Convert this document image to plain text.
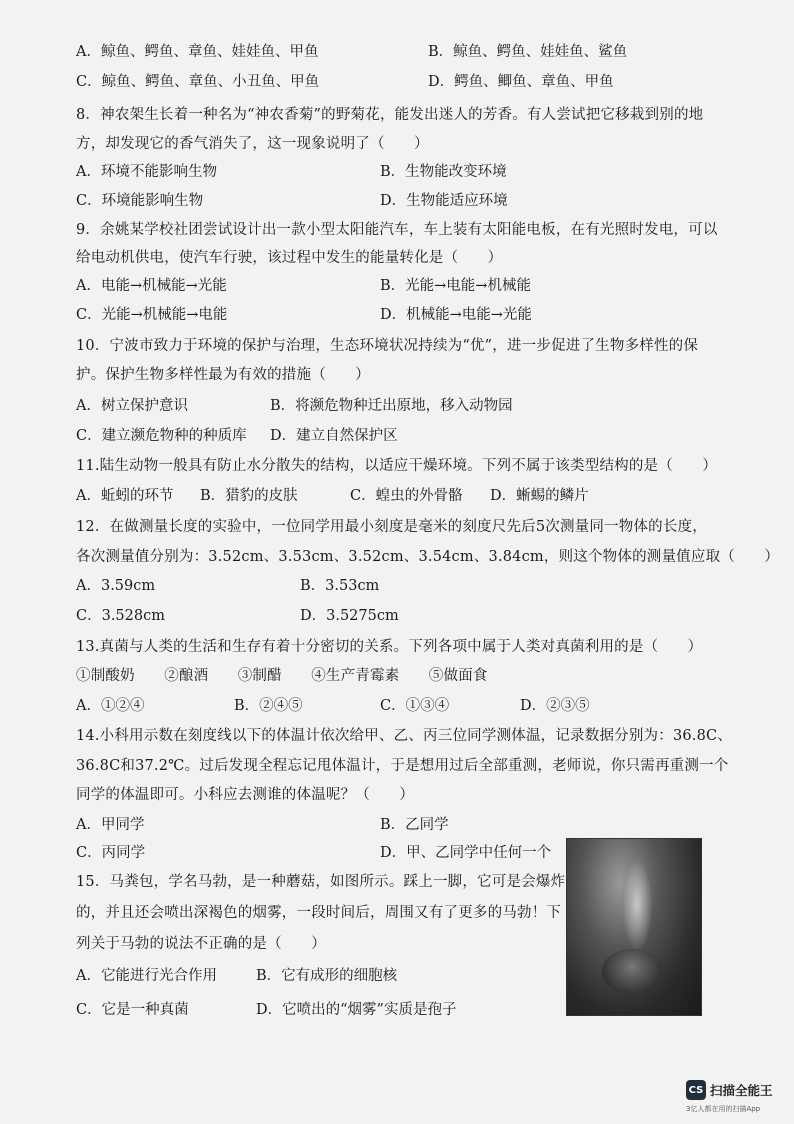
A．鲸鱼、鳄鱼、章鱼、娃娃鱼、甲鱼	B．鲸鱼、鳄鱼、娃娃鱼、鲨鱼
C．鲸鱼、鳄鱼、章鱼、小丑鱼、甲鱼	D．鳄鱼、鲫鱼、章鱼、甲鱼
8．神农架生长着一种名为“神农香菊”的野菊花，能发出迷人的芳香。有人尝试把它移栽到别的地
方，却发现它的香气消失了，这一现象说明了（　　）
A．环境不能影响生物	B．生物能改变环境
C．环境能影响生物	D．生物能适应环境
9．余姚某学校社团尝试设计出一款小型太阳能汽车，车上装有太阳能电板，在有光照时发电，可以
给电动机供电，使汽车行驶，该过程中发生的能量转化是（　　）
A．电能→机械能→光能	B．光能→电能→机械能
C．光能→机械能→电能	D．机械能→电能→光能
10．宁波市致力于环境的保护与治理，生态环境状况持续为“优”，进一步促进了生物多样性的保
护。保护生物多样性最为有效的措施（　　）
A．树立保护意识	B．将濒危物种迁出原地，移入动物园
C．建立濒危物种的种质库 D．建立自然保护区
11.陆生动物一般具有防止水分散失的结构，以适应干燥环境。下列不属于该类型结构的是（　　）
A．蚯蚓的环节 B．猎豹的皮肤	C．蝗虫的外骨骼 D．蜥蜴的鳞片
12．在做测量长度的实验中，一位同学用最小刻度是毫米的刻度尺先后5次测量同一物体的长度，
各次测量值分别为：3.52cm、3.53cm、3.52cm、3.54cm、3.84cm，则这个物体的测量值应取（　　）
A．3.59cm	B．3.53cm
C．3.528cm	D．3.5275cm
13.真菌与人类的生活和生存有着十分密切的关系。下列各项中属于人类对真菌利用的是（　　）
①制酸奶　　②酿酒　　③制醋　　④生产青霉素　　⑤做面食
A．①②④	B．②④⑤	C．①③④	D．②③⑤
14.小科用示数在刻度线以下的体温计依次给甲、乙、丙三位同学测体温，记录数据分别为：36.8C、
36.8C和37.2℃。过后发现全程忘记甩体温计，于是想用过后全部重测，老师说，你只需再重测一个
同学的体温即可。小科应去测谁的体温呢？（　　）
A．甲同学	B．乙同学
C．丙同学	D．甲、乙同学中任何一个
15．马粪包，学名马勃，是一种蘑菇，如图所示。踩上一脚，它可是会爆炸
的，并且还会喷出深褐色的烟雾，一段时间后，周围又有了更多的马勃！下
列关于马勃的说法不正确的是（　　）
A．它能进行光合作用	B．它有成形的细胞核
C．它是一种真菌	D．它喷出的“烟雾”实质是孢子
CS 扫描全能王
3亿人都在用的扫描App
